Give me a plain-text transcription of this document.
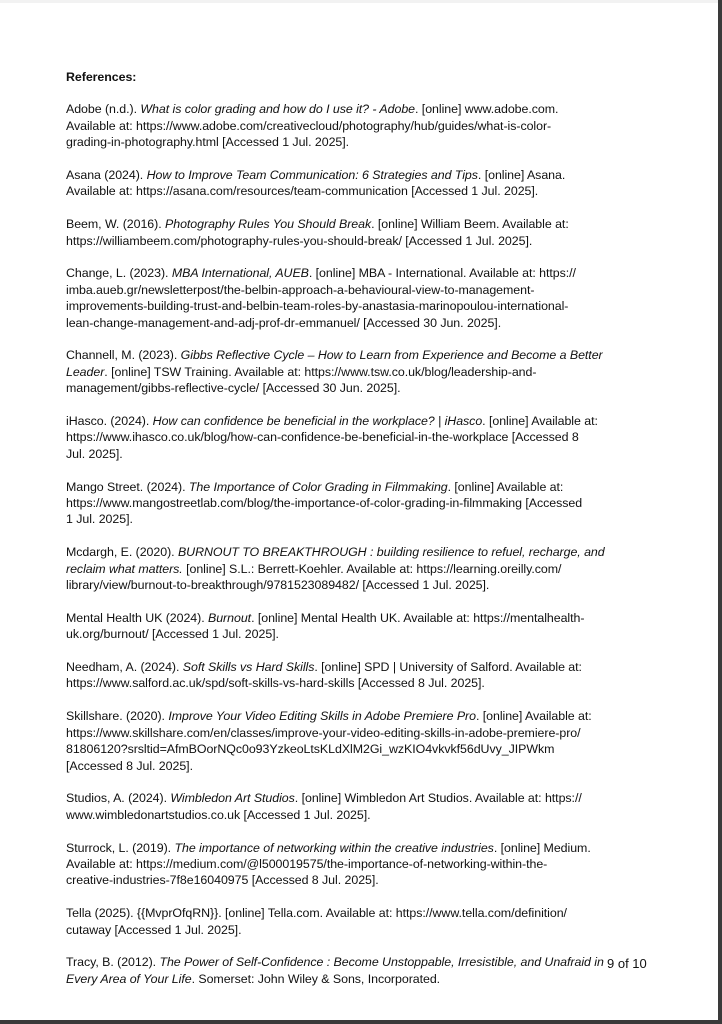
References:
Adobe (n.d.). What is color grading and how do I use it? - Adobe. [online] www.adobe.com.
Available at: https://www.adobe.com/creativecloud/photography/hub/guides/what-is-color-
grading-in-photography.html [Accessed 1 Jul. 2025].
Asana (2024). How to Improve Team Communication: 6 Strategies and Tips. [online] Asana.
Available at: https://asana.com/resources/team-communication [Accessed 1 Jul. 2025].
Beem, W. (2016). Photography Rules You Should Break. [online] William Beem. Available at:
https://williambeem.com/photography-rules-you-should-break/ [Accessed 1 Jul. 2025].
Change, L. (2023). MBA International, AUEB. [online] MBA - International. Available at: https://
imba.aueb.gr/newsletterpost/the-belbin-approach-a-behavioural-view-to-management-
improvements-building-trust-and-belbin-team-roles-by-anastasia-marinopoulou-international-
lean-change-management-and-adj-prof-dr-emmanuel/ [Accessed 30 Jun. 2025].
Channell, M. (2023). Gibbs Reflective Cycle – How to Learn from Experience and Become a Better
Leader. [online] TSW Training. Available at: https://www.tsw.co.uk/blog/leadership-and-
management/gibbs-reflective-cycle/ [Accessed 30 Jun. 2025].
iHasco. (2024). How can confidence be beneficial in the workplace? | iHasco. [online] Available at:
https://www.ihasco.co.uk/blog/how-can-confidence-be-beneficial-in-the-workplace [Accessed 8
Jul. 2025].
Mango Street. (2024). The Importance of Color Grading in Filmmaking. [online] Available at:
https://www.mangostreetlab.com/blog/the-importance-of-color-grading-in-filmmaking [Accessed
1 Jul. 2025].
Mcdargh, E. (2020). BURNOUT TO BREAKTHROUGH : building resilience to refuel, recharge, and
reclaim what matters. [online] S.L.: Berrett-Koehler. Available at: https://learning.oreilly.com/
library/view/burnout-to-breakthrough/9781523089482/ [Accessed 1 Jul. 2025].
Mental Health UK (2024). Burnout. [online] Mental Health UK. Available at: https://mentalhealth-
uk.org/burnout/ [Accessed 1 Jul. 2025].
Needham, A. (2024). Soft Skills vs Hard Skills. [online] SPD | University of Salford. Available at:
https://www.salford.ac.uk/spd/soft-skills-vs-hard-skills [Accessed 8 Jul. 2025].
Skillshare. (2020). Improve Your Video Editing Skills in Adobe Premiere Pro. [online] Available at:
https://www.skillshare.com/en/classes/improve-your-video-editing-skills-in-adobe-premiere-pro/
81806120?srsltid=AfmBOorNQc0o93YzkeoLtsKLdXlM2Gi_wzKIO4vkvkf56dUvy_JIPWkm
[Accessed 8 Jul. 2025].
Studios, A. (2024). Wimbledon Art Studios. [online] Wimbledon Art Studios. Available at: https://
www.wimbledonartstudios.co.uk [Accessed 1 Jul. 2025].
Sturrock, L. (2019). The importance of networking within the creative industries. [online] Medium.
Available at: https://medium.com/@l500019575/the-importance-of-networking-within-the-
creative-industries-7f8e16040975 [Accessed 8 Jul. 2025].
Tella (2025). {{MvprOfqRN}}. [online] Tella.com. Available at: https://www.tella.com/definition/
cutaway [Accessed 1 Jul. 2025].
Tracy, B. (2012). The Power of Self-Confidence : Become Unstoppable, Irresistible, and Unafraid in
Every Area of Your Life. Somerset: John Wiley & Sons, Incorporated.
9 of 10
